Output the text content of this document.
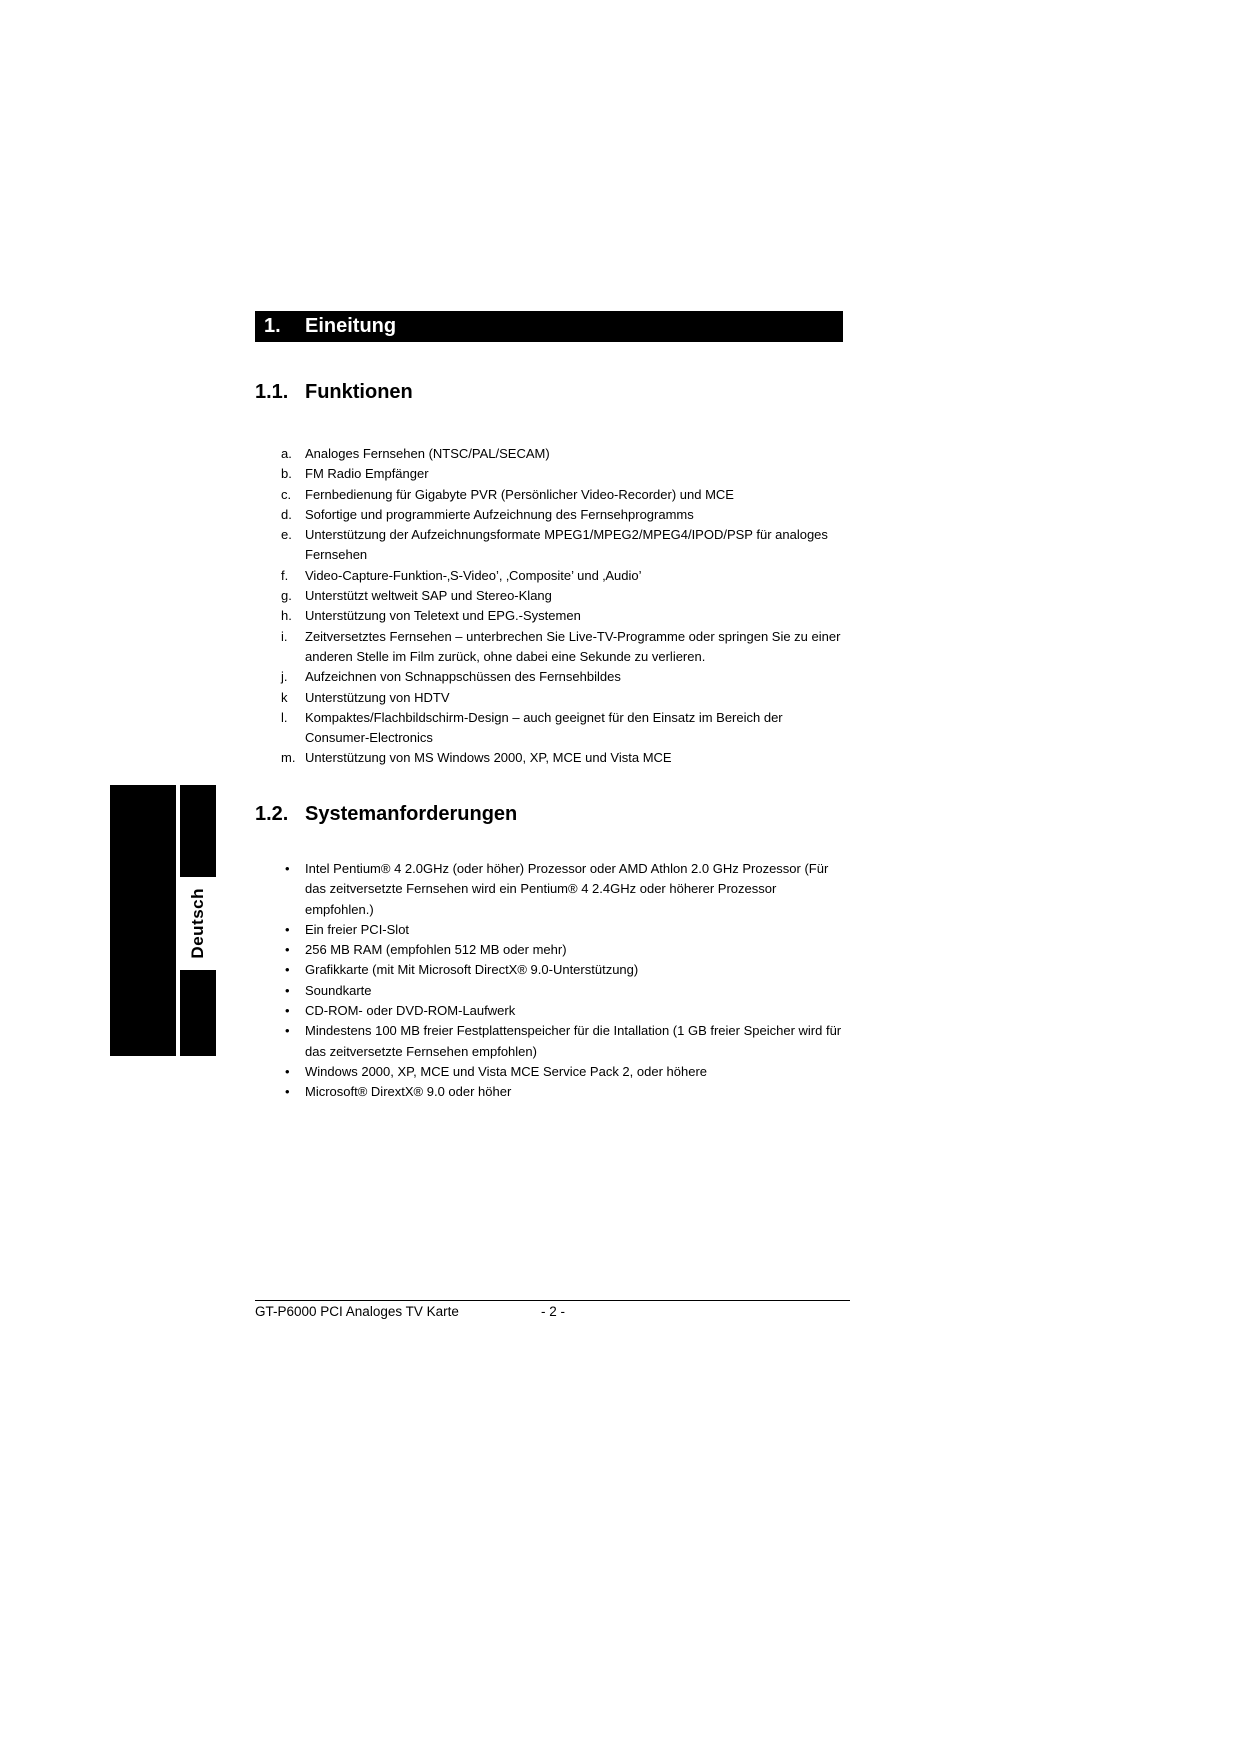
1.	Eineitung
1.1. Funktionen
a.	Analoges Fernsehen (NTSC/PAL/SECAM)
b.	FM Radio Empfänger
c.	Fernbedienung für Gigabyte PVR (Persönlicher Video-Recorder) und MCE
d.	Sofortige und programmierte Aufzeichnung des Fernsehprogramms
e.	Unterstützung der Aufzeichnungsformate MPEG1/MPEG2/MPEG4/IPOD/PSP für analoges Fernsehen
f.	Video-Capture-Funktion-‚S-Video’, ‚Composite’ und ‚Audio’
g.	Unterstützt weltweit SAP und Stereo-Klang
h.	Unterstützung von Teletext und EPG.-Systemen
i.	Zeitversetztes Fernsehen – unterbrechen Sie Live-TV-Programme oder springen Sie zu einer anderen Stelle im Film zurück, ohne dabei eine Sekunde zu verlieren.
j.	Aufzeichnen von Schnappschüssen des Fernsehbildes
k	Unterstützung von HDTV
l.	Kompaktes/Flachbildschirm-Design – auch geeignet für den Einsatz im Bereich der Consumer-Electronics
m. Unterstützung von MS Windows 2000, XP, MCE und Vista MCE
1.2. Systemanforderungen
•
Intel Pentium® 4 2.0GHz (oder höher) Prozessor oder AMD Athlon 2.0 GHz Prozessor (Für das zeitversetzte Fernsehen wird ein Pentium® 4 2.4GHz oder höherer Prozessor empfohlen.)
•
Ein freier PCI-Slot
•
256 MB RAM (empfohlen 512 MB oder mehr)
•
Grafikkarte (mit Mit Microsoft DirectX® 9.0-Unterstützung)
•
Soundkarte
•
CD-ROM- oder DVD-ROM-Laufwerk
•
Mindestens 100 MB freier Festplattenspeicher für die Intallation (1 GB freier Speicher wird für das zeitversetzte Fernsehen empfohlen)
•
Windows 2000, XP, MCE und Vista MCE Service Pack 2, oder höhere
•
Microsoft® DirextX® 9.0 oder höher
Deutsch
GT-P6000 PCI Analoges TV Karte	- 2 -
